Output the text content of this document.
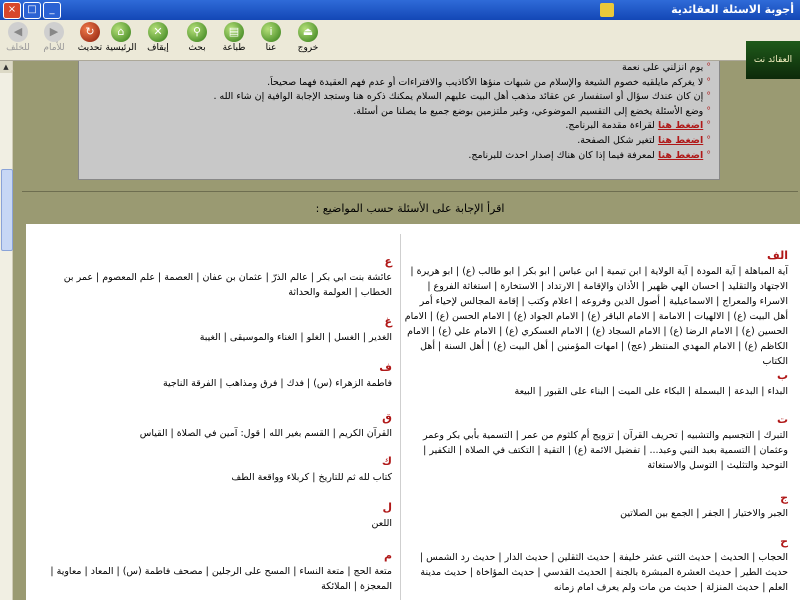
أجوبة الاسئلة العقائدية
×	□	_
⏏
خروج
i
عنا
▤
طباعة
⚲
بحث
✕
إيقاف
⌂
الرئيسية
↻
تحديث
▶
للأمام
◀
للخلف
العقائد نت
▲	°يوم انزلني على نعمة
°لا يغركم مايلقيه خصوم الشيعة والإسلام من شبهات منؤها الأكاذيب والافتراءات أو عدم فهم العقيدة فهما صحيحاً.
°إن كان عندك سؤال أو استفسار عن عقائد مذهب أهل البيت عليهم السلام يمكنك ذكره هنا وستجد الإجابة الوافية إن شاء الله .
°وضع الأسئلة يخضع إلى التقسيم الموضوعي، وغير ملتزمين بوضع جميع ما يصلنا من أسئلة.
°اضغط هنا لقراءة مقدمة البرنامج.
°اضغط هنا لتغير شكل الصفحة.
°اضغط هنا لمعرفة فيما إذا كان هناك إصدار احدث للبرنامج.
اقرأ الإجابة على الأسئلة حسب المواضيع :
الف
آية المباهلة | آية المودة | آية الولاية | ابن تيمية | ابن عباس | ابو بكر | ابو طالب (ع) | ابو هريرة | الاجتهاد والتقليد | احسان الهي ظهير | الأذان والإقامة | الارتداد | الاستخارة | استغاثة الفروع | الاسراء والمعراج | الاسماعيلية | أصول الدين وفروعه | اعلام وكتب | إقامة المجالس لإحياء أمر أهل البيت (ع) | الالهيات | الامامة | الامام الباقر (ع) | الامام الجواد (ع) | الامام الحسن (ع) | الامام الحسين (ع) | الامام الرضا (ع) | الامام السجاد (ع) | الامام العسكري (ع) | الامام علي (ع) | الامام الكاظم (ع) | الامام المهدي المنتظر (عج) | امهات المؤمنين | أهل البيت (ع) | أهل السنة | أهل الكتاب
ب
البداء | البدعة | البسملة | البكاء على الميت | البناء على القبور | البيعة
ت
التبرك | التجسيم والتشبيه | تحريف القرآن | تزويج أم كلثوم من عمر | التسمية بأبي بكر وعمر وعثمان | التسمية بعبد النبي وعبد... | تفضيل الائمة (ع) | التقية | التكتف في الصلاة | التكفير | التوحيد والتثليث | التوسل والاستغاثة
ج
الجبر والاختيار | الجفر | الجمع بين الصلاتين
ح
الحجاب | الحديث | حديث الثني عشر خليفة | حديث الثقلين | حديث الدار | حديث رد الشمس | حديث الطير | حديث العشرة المبشرة بالجنة | الحديث القدسي | حديث المؤاخاة | حديث مدينة العلم | حديث المنزلة | حديث من مات ولم يعرف امام زمانه
ع
عائشة بنت ابي بكر | عالم الذرّ | عثمان بن عفان | العصمة | علم المعصوم | عمر بن الخطاب | العولمة والحداثة
غ
الغدير | الغسل | الغلو | الغناء والموسيقى | الغيبة
ف
فاطمة الزهراء (س) | فدك | فرق ومذاهب | الفرقة الناجية
ق
القرآن الكريم | القسم بغير الله | قول: آمين في الصلاة | القياس
ك
كتاب لله ثم للتاريخ | كربلاء وواقعة الطف
ل
اللعن
م
متعة الحج | متعة النساء | المسح على الرجلين | مصحف فاطمة (س) | المعاد | معاوية | المعجزة | الملائكة
